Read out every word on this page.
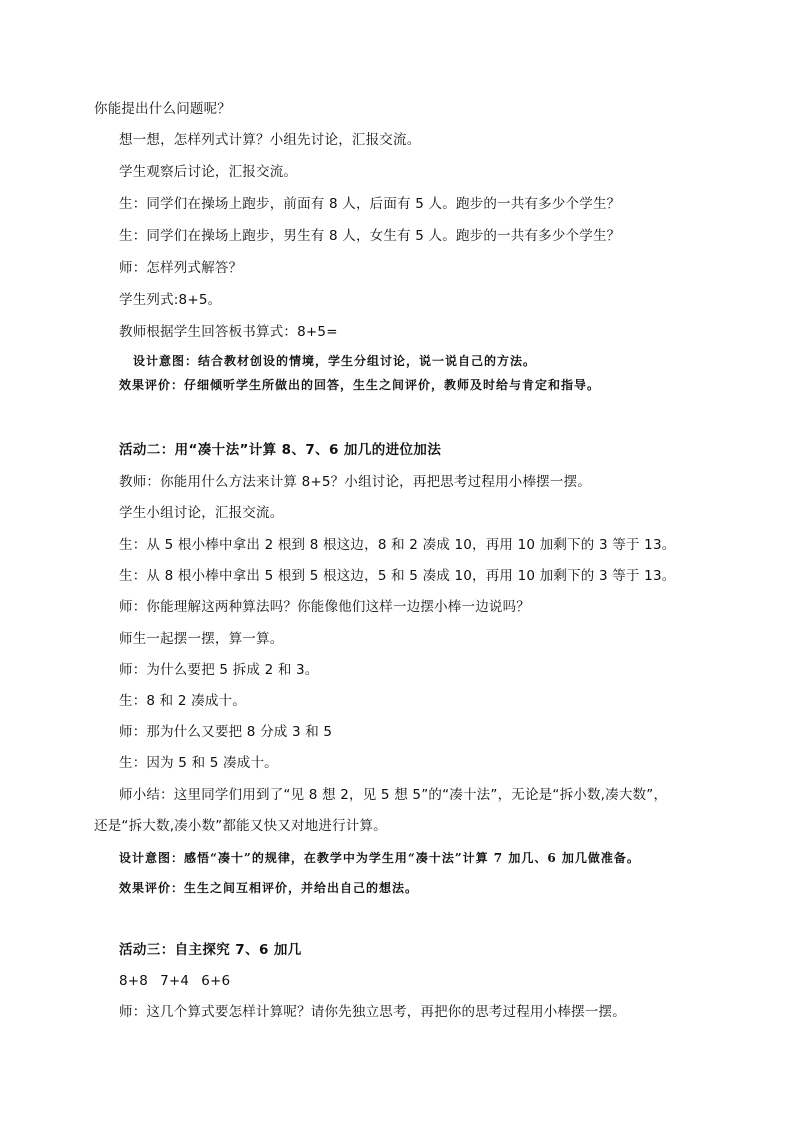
你能提出什么问题呢？
想一想，怎样列式计算？小组先讨论，汇报交流。
学生观察后讨论，汇报交流。
生：同学们在操场上跑步，前面有 8 人，后面有 5 人。跑步的一共有多少个学生？
生：同学们在操场上跑步，男生有 8 人，女生有 5 人。跑步的一共有多少个学生？
师：怎样列式解答？
学生列式:8+5。
教师根据学生回答板书算式：8+5=
设计意图：结合教材创设的情境，学生分组讨论，说一说自己的方法。
效果评价：仔细倾听学生所做出的回答，生生之间评价，教师及时给与肯定和指导。
活动二：用“凑十法”计算 8、7、6 加几的进位加法
教师：你能用什么方法来计算 8+5？小组讨论，再把思考过程用小棒摆一摆。
学生小组讨论，汇报交流。
生：从 5 根小棒中拿出 2 根到 8 根这边，8 和 2 凑成 10，再用 10 加剩下的 3 等于 13。
生：从 8 根小棒中拿出 5 根到 5 根这边，5 和 5 凑成 10，再用 10 加剩下的 3 等于 13。
师：你能理解这两种算法吗？你能像他们这样一边摆小棒一边说吗？
师生一起摆一摆，算一算。
师：为什么要把 5 拆成 2 和 3。
生：8 和 2 凑成十。
师：那为什么又要把 8 分成 3 和 5
生：因为 5 和 5 凑成十。
师小结：这里同学们用到了“见 8 想 2，见 5 想 5”的“凑十法”，无论是“拆小数,凑大数”，
还是“拆大数,凑小数”都能又快又对地进行计算。
设计意图：感悟“凑十”的规律，在教学中为学生用“凑十法”计算 7 加几、6 加几做准备。
效果评价：生生之间互相评价，并给出自己的想法。
活动三：自主探究 7、6 加几
8+8 7+4 6+6
师：这几个算式要怎样计算呢？请你先独立思考，再把你的思考过程用小棒摆一摆。
